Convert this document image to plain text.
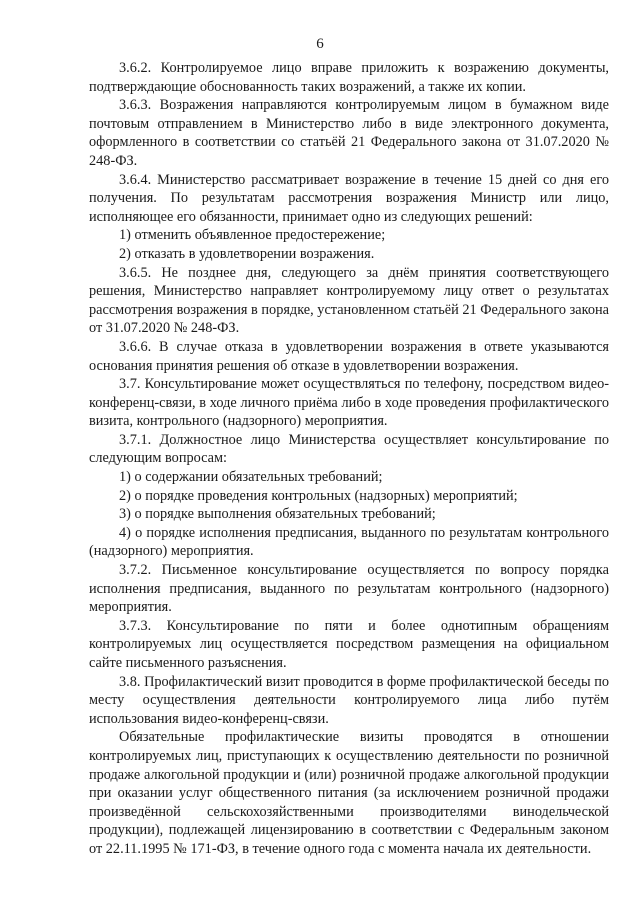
6

3.6.2. Контролируемое лицо вправе приложить к возражению документы, подтверждающие обоснованность таких возражений, а также их копии.

3.6.3. Возражения направляются контролируемым лицом в бумажном виде почтовым отправлением в Министерство либо в виде электронного документа, оформленного в соответствии со статьёй 21 Федерального закона от 31.07.2020 № 248-ФЗ.

3.6.4. Министерство рассматривает возражение в течение 15 дней со дня его получения. По результатам рассмотрения возражения Министр или лицо, исполняющее его обязанности, принимает одно из следующих решений:

1) отменить объявленное предостережение;

2) отказать в удовлетворении возражения.

3.6.5. Не позднее дня, следующего за днём принятия соответствующего решения, Министерство направляет контролируемому лицу ответ о результатах рассмотрения возражения в порядке, установленном статьёй 21 Федерального закона от 31.07.2020 № 248-ФЗ.

3.6.6. В случае отказа в удовлетворении возражения в ответе указываются основания принятия решения об отказе в удовлетворении возражения.

3.7. Консультирование может осуществляться по телефону, посредством видео-конференц-связи, в ходе личного приёма либо в ходе проведения профилактического визита, контрольного (надзорного) мероприятия.

3.7.1. Должностное лицо Министерства осуществляет консультирование по следующим вопросам:

1) о содержании обязательных требований;

2) о порядке проведения контрольных (надзорных) мероприятий;

3) о порядке выполнения обязательных требований;

4) о порядке исполнения предписания, выданного по результатам контрольного (надзорного) мероприятия.

3.7.2. Письменное консультирование осуществляется по вопросу порядка исполнения предписания, выданного по результатам контрольного (надзорного) мероприятия.

3.7.3. Консультирование по пяти и более однотипным обращениям контролируемых лиц осуществляется посредством размещения на официальном сайте письменного разъяснения.

3.8. Профилактический визит проводится в форме профилактической беседы по месту осуществления деятельности контролируемого лица либо путём использования видео-конференц-связи.

Обязательные профилактические визиты проводятся в отношении контролируемых лиц, приступающих к осуществлению деятельности по розничной продаже алкогольной продукции и (или) розничной продаже алкогольной продукции при оказании услуг общественного питания (за исключением розничной продажи произведённой сельскохозяйственными производителями винодельческой продукции), подлежащей лицензированию в соответствии с Федеральным законом от 22.11.1995 № 171-ФЗ, в течение одного года с момента начала их деятельности.
